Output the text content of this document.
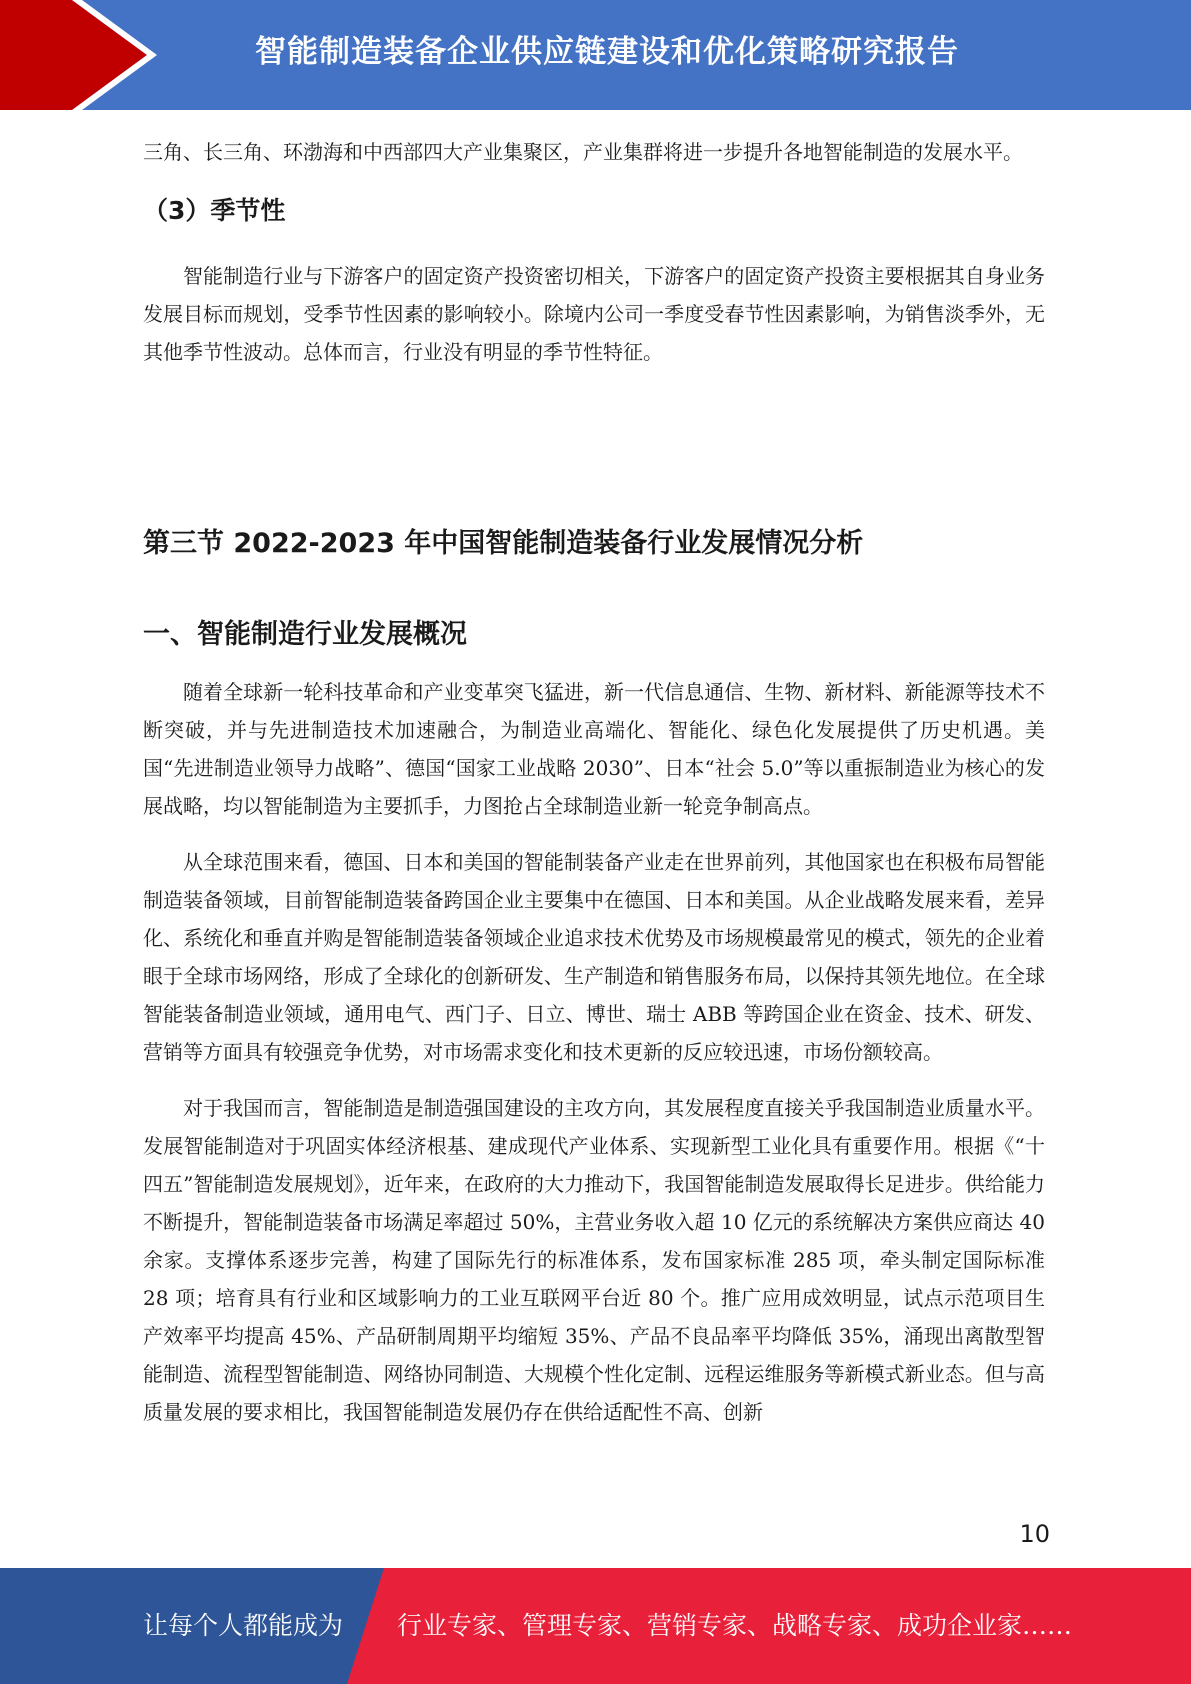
智能制造装备企业供应链建设和优化策略研究报告

三角、长三角、环渤海和中西部四大产业集聚区，产业集群将进一步提升各地智能制造的发展水平。

（3）季节性

智能制造行业与下游客户的固定资产投资密切相关，下游客户的固定资产投资主要根据其自身业务发展目标而规划，受季节性因素的影响较小。除境内公司一季度受春节性因素影响，为销售淡季外，无其他季节性波动。总体而言，行业没有明显的季节性特征。

第三节 2022-2023 年中国智能制造装备行业发展情况分析
一、智能制造行业发展概况

随着全球新一轮科技革命和产业变革突飞猛进，新一代信息通信、生物、新材料、新能源等技术不断突破，并与先进制造技术加速融合，为制造业高端化、智能化、绿色化发展提供了历史机遇。美国“先进制造业领导力战略”、德国“国家工业战略 2030”、日本“社会 5.0”等以重振制造业为核心的发展战略，均以智能制造为主要抓手，力图抢占全球制造业新一轮竞争制高点。

从全球范围来看，德国、日本和美国的智能制装备产业走在世界前列，其他国家也在积极布局智能制造装备领域，目前智能制造装备跨国企业主要集中在德国、日本和美国。从企业战略发展来看，差异化、系统化和垂直并购是智能制造装备领域企业追求技术优势及市场规模最常见的模式，领先的企业着眼于全球市场网络，形成了全球化的创新研发、生产制造和销售服务布局，以保持其领先地位。在全球智能装备制造业领域，通用电气、西门子、日立、博世、瑞士 ABB 等跨国企业在资金、技术、研发、营销等方面具有较强竞争优势，对市场需求变化和技术更新的反应较迅速，市场份额较高。

对于我国而言，智能制造是制造强国建设的主攻方向，其发展程度直接关乎我国制造业质量水平。发展智能制造对于巩固实体经济根基、建成现代产业体系、实现新型工业化具有重要作用。根据《“十四五”智能制造发展规划》，近年来，在政府的大力推动下，我国智能制造发展取得长足进步。供给能力不断提升，智能制造装备市场满足率超过 50%，主营业务收入超 10 亿元的系统解决方案供应商达 40 余家。支撑体系逐步完善，构建了国际先行的标准体系，发布国家标准 285 项，牵头制定国际标准 28 项；培育具有行业和区域影响力的工业互联网平台近 80 个。推广应用成效明显，试点示范项目生产效率平均提高 45%、产品研制周期平均缩短 35%、产品不良品率平均降低 35%，涌现出离散型智能制造、流程型智能制造、网络协同制造、大规模个性化定制、远程运维服务等新模式新业态。但与高质量发展的要求相比，我国智能制造发展仍存在供给适配性不高、创新

10
让每个人都能成为 行业专家、管理专家、营销专家、战略专家、成功企业家……
